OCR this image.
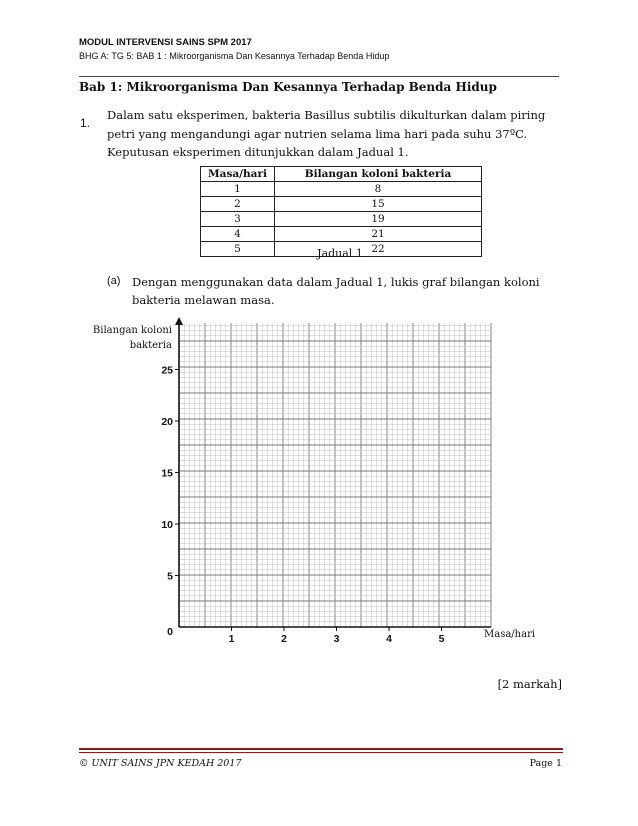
MODUL INTERVENSI SAINS SPM 2017
BHG A: TG 5: BAB 1 : Mikroorganisma Dan Kesannya Terhadap Benda Hidup
Bab 1: Mikroorganisma Dan Kesannya Terhadap Benda Hidup
1.
Dalam satu eksperimen, bakteria Basillus subtilis dikulturkan dalam piring petri yang mengandungi agar nutrien selama lima hari pada suhu 37ºC. Keputusan eksperimen ditunjukkan dalam Jadual 1.
Masa/hari	Bilangan koloni bakteria
1	8
2	15
3	19
4	21
5	22
Jadual 1
(a) Dengan menggunakan data dalam Jadual 1, lukis graf bilangan koloni bakteria melawan masa.
Bilangan koloni
bakteria
0
5
10
15
20
25
1	2	3	4	5	Masa/hari
[2 markah]
© UNIT SAINS JPN KEDAH 2017	Page 1
